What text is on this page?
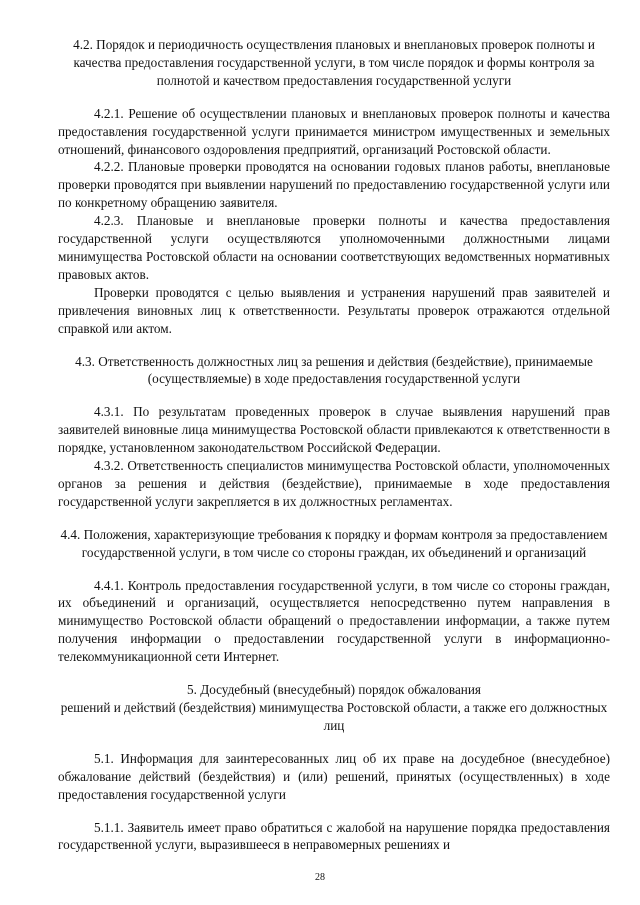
4.2. Порядок и периодичность осуществления плановых и внеплановых проверок полноты и качества предоставления государственной услуги, в том числе порядок и формы контроля за полнотой и качеством предоставления государственной услуги

4.2.1. Решение об осуществлении плановых и внеплановых проверок полноты и качества предоставления государственной услуги принимается министром имущественных и земельных отношений, финансового оздоровления предприятий, организаций Ростовской области.

4.2.2. Плановые проверки проводятся на основании годовых планов работы, внеплановые проверки проводятся при выявлении нарушений по предоставлению государственной услуги или по конкретному обращению заявителя.

4.2.3. Плановые и внеплановые проверки полноты и качества предоставления государственной услуги осуществляются уполномоченными должностными лицами минимущества Ростовской области на основании соответствующих ведомственных нормативных правовых актов.

Проверки проводятся с целью выявления и устранения нарушений прав заявителей и привлечения виновных лиц к ответственности. Результаты проверок отражаются отдельной справкой или актом.

4.3. Ответственность должностных лиц за решения и действия (бездействие), принимаемые (осуществляемые) в ходе предоставления государственной услуги

4.3.1. По результатам проведенных проверок в случае выявления нарушений прав заявителей виновные лица минимущества Ростовской области привлекаются к ответственности в порядке, установленном законодательством Российской Федерации.

4.3.2. Ответственность специалистов минимущества Ростовской области, уполномоченных органов за решения и действия (бездействие), принимаемые в ходе предоставления государственной услуги закрепляется в их должностных регламентах.

4.4. Положения, характеризующие требования к порядку и формам контроля за предоставлением государственной услуги, в том числе со стороны граждан, их объединений и организаций

4.4.1. Контроль предоставления государственной услуги, в том числе со стороны граждан, их объединений и организаций, осуществляется непосредственно путем направления в минимущество Ростовской области обращений о предоставлении информации, а также путем получения информации о предоставлении государственной услуги в информационно-телекоммуникационной сети Интернет.

5. Досудебный (внесудебный) порядок обжалования

решений и действий (бездействия) минимущества Ростовской области, а также его должностных лиц

5.1. Информация для заинтересованных лиц об их праве на досудебное (внесудебное) обжалование действий (бездействия) и (или) решений, принятых (осуществленных) в ходе предоставления государственной услуги

5.1.1. Заявитель имеет право обратиться с жалобой на нарушение порядка предоставления государственной услуги, выразившееся в неправомерных решениях и

28
